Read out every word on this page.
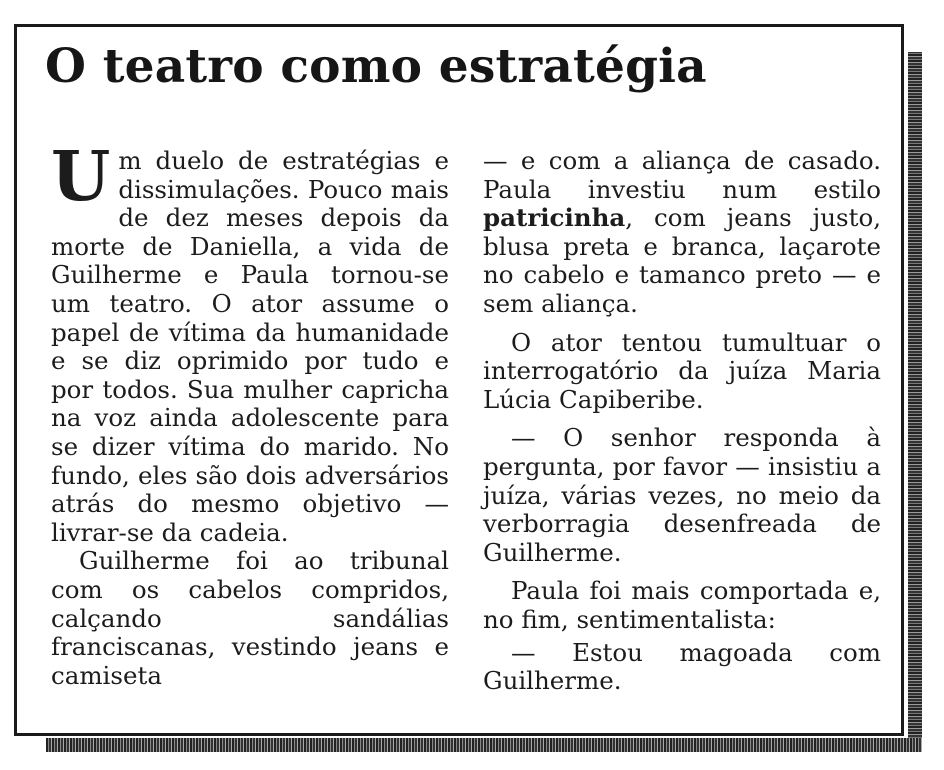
O teatro como estratégia

Um duelo de estratégias e dissimulações. Pouco mais de dez meses depois da morte de Daniella, a vida de Guilherme e Paula tornou-se um teatro. O ator assume o papel de vítima da humanidade e se diz oprimido por tudo e por todos. Sua mulher capricha na voz ainda adolescente para se dizer vítima do marido. No fundo, eles são dois adversários atrás do mesmo objetivo — livrar-se da cadeia.

Guilherme foi ao tribunal com os cabelos compridos, calçando sandálias franciscanas, vestindo jeans e camiseta

— e com a aliança de casado. Paula investiu num estilo patricinha, com jeans justo, blusa preta e branca, laçarote no cabelo e tamanco preto — e sem aliança.

O ator tentou tumultuar o interrogatório da juíza Maria Lúcia Capiberibe.

— O senhor responda à pergunta, por favor — insistiu a juíza, várias vezes, no meio da verborragia desenfreada de Guilherme.

Paula foi mais comportada e, no fim, sentimentalista:

— Estou magoada com Guilherme.
